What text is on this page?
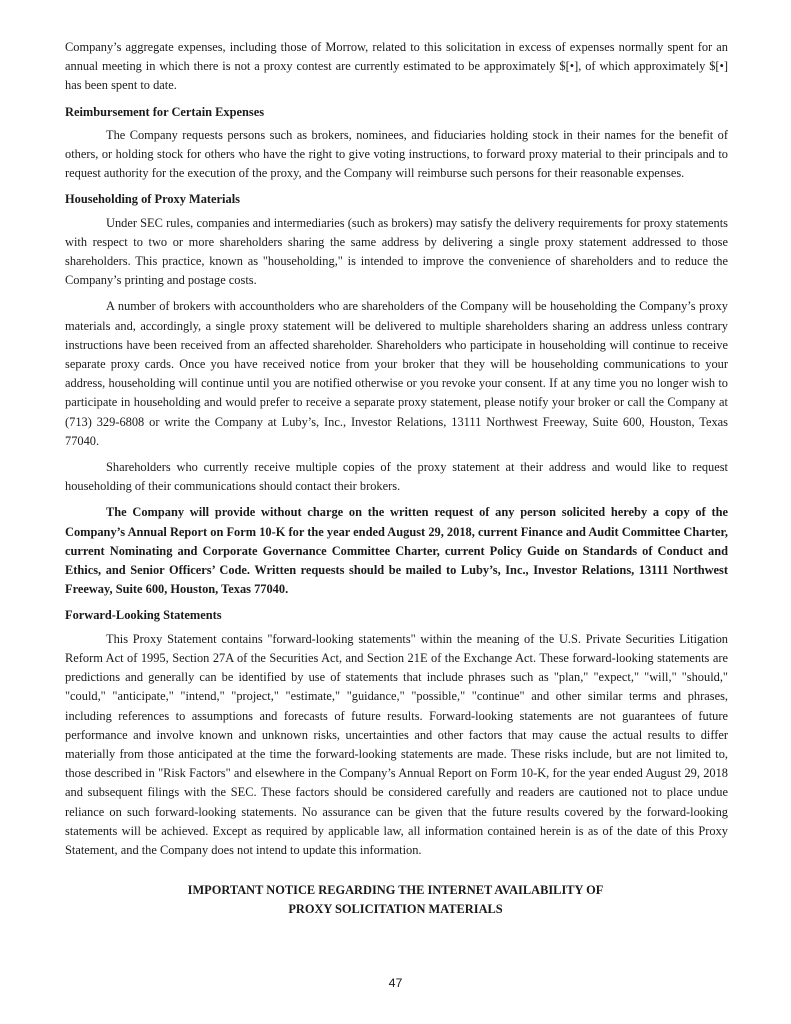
Company’s aggregate expenses, including those of Morrow, related to this solicitation in excess of expenses normally spent for an annual meeting in which there is not a proxy contest are currently estimated to be approximately $[•], of which approximately $[•] has been spent to date.

Reimbursement for Certain Expenses

The Company requests persons such as brokers, nominees, and fiduciaries holding stock in their names for the benefit of others, or holding stock for others who have the right to give voting instructions, to forward proxy material to their principals and to request authority for the execution of the proxy, and the Company will reimburse such persons for their reasonable expenses.

Householding of Proxy Materials

Under SEC rules, companies and intermediaries (such as brokers) may satisfy the delivery requirements for proxy statements with respect to two or more shareholders sharing the same address by delivering a single proxy statement addressed to those shareholders. This practice, known as "householding," is intended to improve the convenience of shareholders and to reduce the Company’s printing and postage costs.

A number of brokers with accountholders who are shareholders of the Company will be householding the Company’s proxy materials and, accordingly, a single proxy statement will be delivered to multiple shareholders sharing an address unless contrary instructions have been received from an affected shareholder. Shareholders who participate in householding will continue to receive separate proxy cards. Once you have received notice from your broker that they will be householding communications to your address, householding will continue until you are notified otherwise or you revoke your consent. If at any time you no longer wish to participate in householding and would prefer to receive a separate proxy statement, please notify your broker or call the Company at (713) 329-6808 or write the Company at Luby’s, Inc., Investor Relations, 13111 Northwest Freeway, Suite 600, Houston, Texas 77040.

Shareholders who currently receive multiple copies of the proxy statement at their address and would like to request householding of their communications should contact their brokers.

The Company will provide without charge on the written request of any person solicited hereby a copy of the Company’s Annual Report on Form 10-K for the year ended August 29, 2018, current Finance and Audit Committee Charter, current Nominating and Corporate Governance Committee Charter, current Policy Guide on Standards of Conduct and Ethics, and Senior Officers’ Code. Written requests should be mailed to Luby’s, Inc., Investor Relations, 13111 Northwest Freeway, Suite 600, Houston, Texas 77040.

Forward-Looking Statements

This Proxy Statement contains "forward-looking statements" within the meaning of the U.S. Private Securities Litigation Reform Act of 1995, Section 27A of the Securities Act, and Section 21E of the Exchange Act. These forward-looking statements are predictions and generally can be identified by use of statements that include phrases such as "plan," "expect," "will," "should," "could," "anticipate," "intend," "project," "estimate," "guidance," "possible," "continue" and other similar terms and phrases, including references to assumptions and forecasts of future results. Forward-looking statements are not guarantees of future performance and involve known and unknown risks, uncertainties and other factors that may cause the actual results to differ materially from those anticipated at the time the forward-looking statements are made. These risks include, but are not limited to, those described in "Risk Factors" and elsewhere in the Company’s Annual Report on Form 10-K, for the year ended August 29, 2018 and subsequent filings with the SEC. These factors should be considered carefully and readers are cautioned not to place undue reliance on such forward-looking statements. No assurance can be given that the future results covered by the forward-looking statements will be achieved. Except as required by applicable law, all information contained herein is as of the date of this Proxy Statement, and the Company does not intend to update this information.

IMPORTANT NOTICE REGARDING THE INTERNET AVAILABILITY OF
PROXY SOLICITATION MATERIALS
47
